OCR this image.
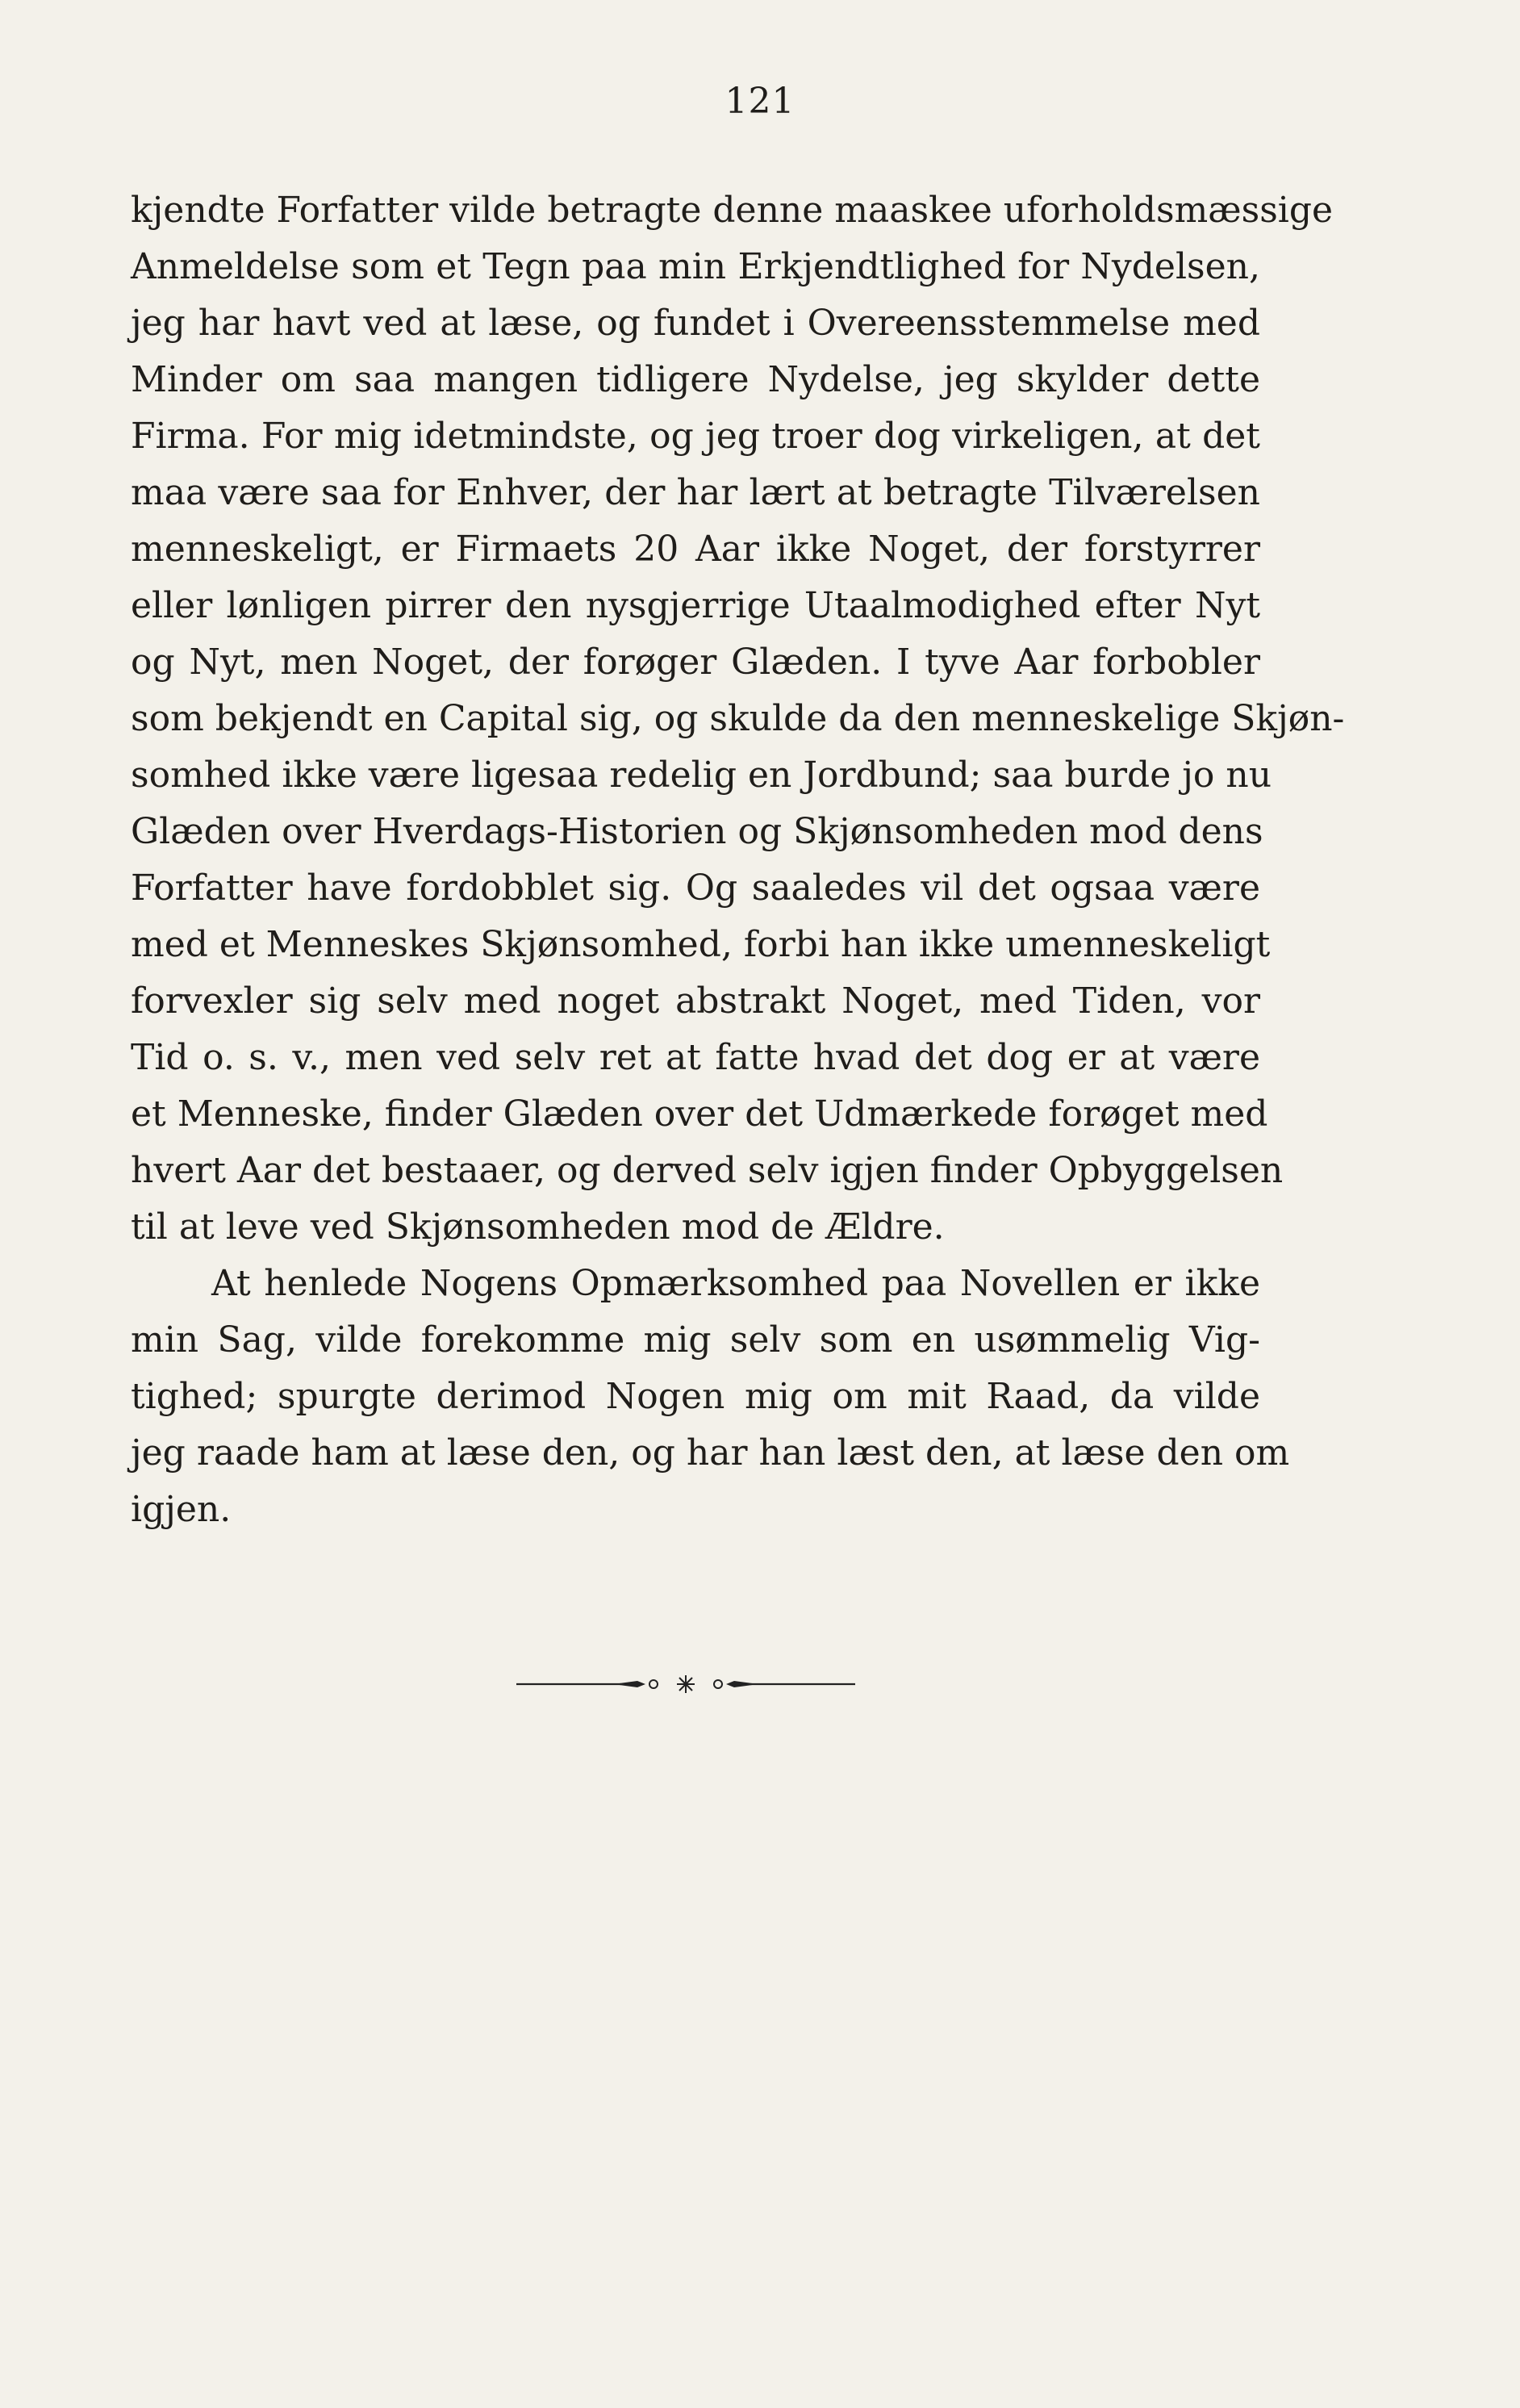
121
kjendte Forfatter vilde betragte denne maaskee uforholdsmæssige
Anmeldelse som et Tegn paa min Erkjendtlighed for Nydelsen,
jeg har havt ved at læse, og fundet i Overeensstemmelse med
Minder om saa mangen tidligere Nydelse, jeg skylder dette
Firma. For mig idetmindste, og jeg troer dog virkeligen, at det
maa være saa for Enhver, der har lært at betragte Tilværelsen
menneskeligt, er Firmaets 20 Aar ikke Noget, der forstyrrer
eller lønligen pirrer den nysgjerrige Utaalmodighed efter Nyt
og Nyt, men Noget, der forøger Glæden. I tyve Aar forbobler
som bekjendt en Capital sig, og skulde da den menneskelige Skjøn-
somhed ikke være ligesaa redelig en Jordbund; saa burde jo nu
Glæden over Hverdags-Historien og Skjønsomheden mod dens
Forfatter have fordobblet sig. Og saaledes vil det ogsaa være
med et Menneskes Skjønsomhed, forbi han ikke umenneskeligt
forvexler sig selv med noget abstrakt Noget, med Tiden, vor
Tid o. s. v., men ved selv ret at fatte hvad det dog er at være
et Menneske, finder Glæden over det Udmærkede forøget med
hvert Aar det bestaaer, og derved selv igjen finder Opbyggelsen
til at leve ved Skjønsomheden mod de Ældre.
At henlede Nogens Opmærksomhed paa Novellen er ikke
min Sag, vilde forekomme mig selv som en usømmelig Vig-
tighed; spurgte derimod Nogen mig om mit Raad, da vilde
jeg raade ham at læse den, og har han læst den, at læse den om
igjen.
